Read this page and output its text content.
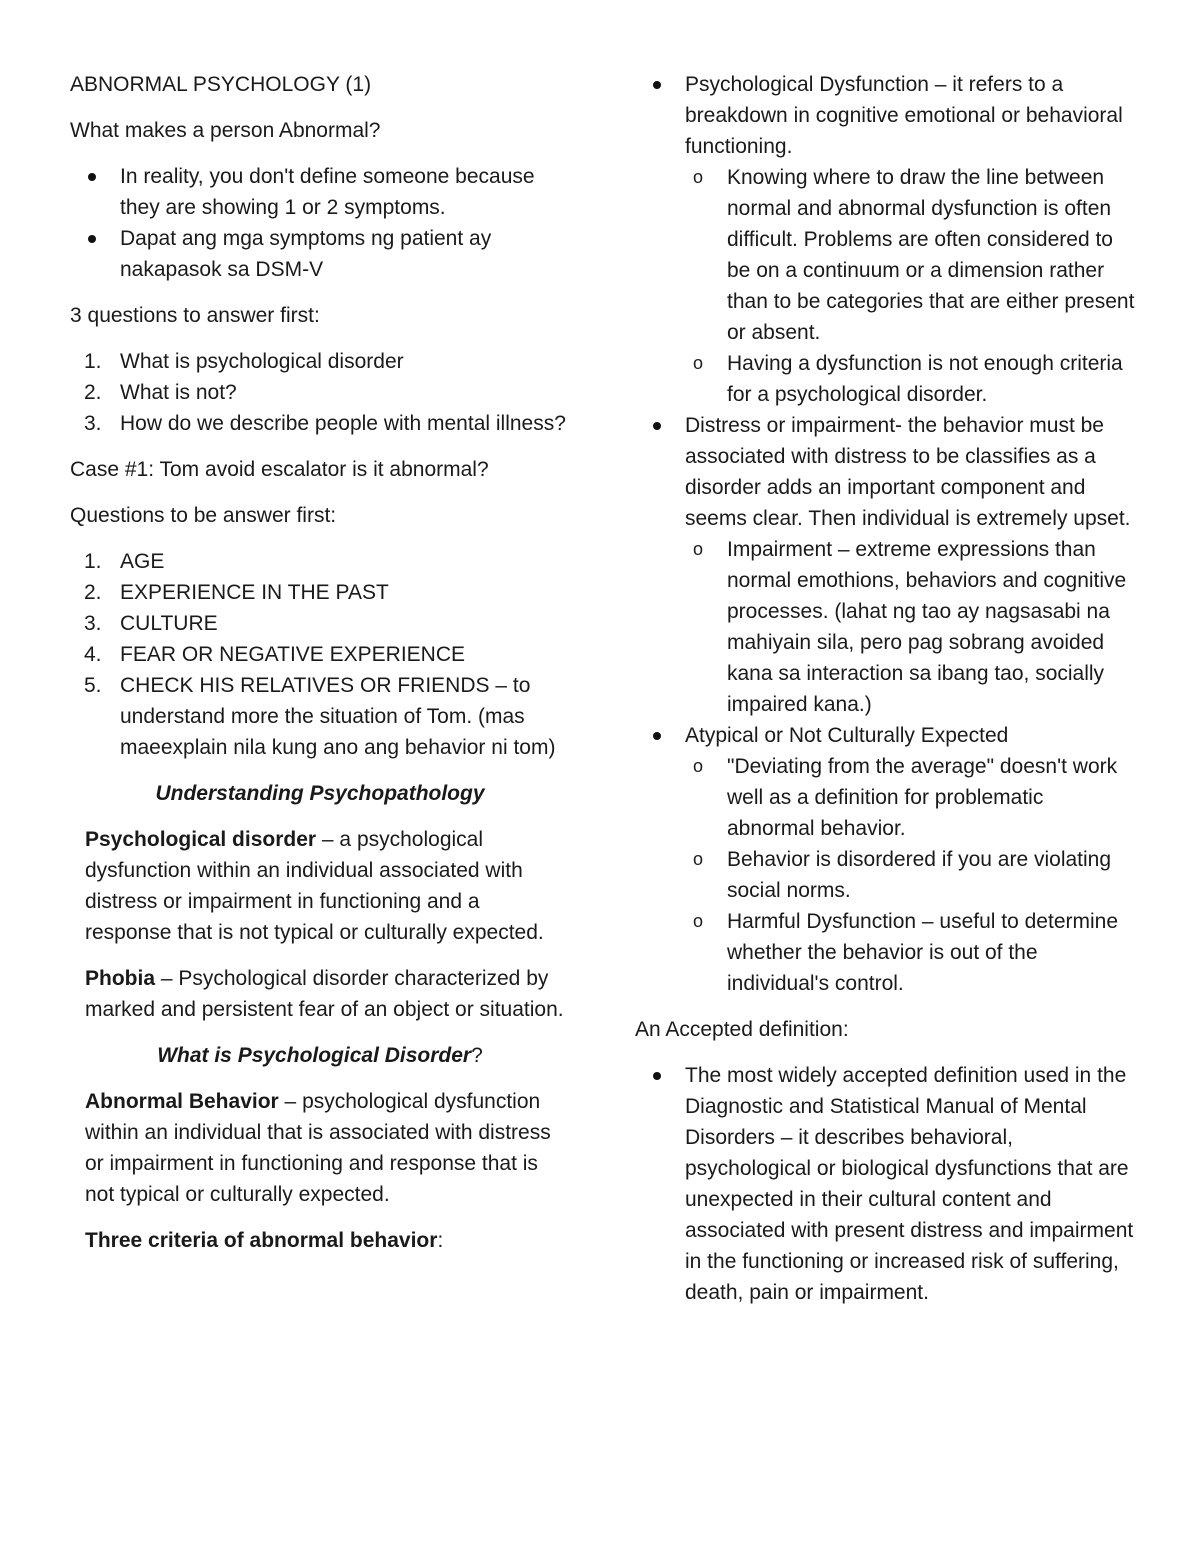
ABNORMAL PSYCHOLOGY (1)

What makes a person Abnormal?

In reality, you don't define someone because they are showing 1 or 2 symptoms.
Dapat ang mga symptoms ng patient ay nakapasok sa DSM-V

3 questions to answer first:

1. What is psychological disorder
2. What is not?
3. How do we describe people with mental illness?

Case #1: Tom avoid escalator is it abnormal?

Questions to be answer first:

1. AGE
2. EXPERIENCE IN THE PAST
3. CULTURE
4. FEAR OR NEGATIVE EXPERIENCE
5. CHECK HIS RELATIVES OR FRIENDS – to understand more the situation of Tom. (mas maeexplain nila kung ano ang behavior ni tom)

Understanding Psychopathology

Psychological disorder – a psychological dysfunction within an individual associated with distress or impairment in functioning and a response that is not typical or culturally expected.

Phobia – Psychological disorder characterized by marked and persistent fear of an object or situation.

What is Psychological Disorder?

Abnormal Behavior – psychological dysfunction within an individual that is associated with distress or impairment in functioning and response that is not typical or culturally expected.

Three criteria of abnormal behavior:

Psychological Dysfunction – it refers to a breakdown in cognitive emotional or behavioral functioning.
o Knowing where to draw the line between normal and abnormal dysfunction is often difficult. Problems are often considered to be on a continuum or a dimension rather than to be categories that are either present or absent.
o Having a dysfunction is not enough criteria for a psychological disorder.
Distress or impairment- the behavior must be associated with distress to be classifies as a disorder adds an important component and seems clear. Then individual is extremely upset.
o Impairment – extreme expressions than normal emothions, behaviors and cognitive processes. (lahat ng tao ay nagsasabi na mahiyain sila, pero pag sobrang avoided kana sa interaction sa ibang tao, socially impaired kana.)
Atypical or Not Culturally Expected
o "Deviating from the average" doesn't work well as a definition for problematic abnormal behavior.
o Behavior is disordered if you are violating social norms.
o Harmful Dysfunction – useful to determine whether the behavior is out of the individual's control.

An Accepted definition:

The most widely accepted definition used in the Diagnostic and Statistical Manual of Mental Disorders – it describes behavioral, psychological or biological dysfunctions that are unexpected in their cultural content and associated with present distress and impairment in the functioning or increased risk of suffering, death, pain or impairment.
